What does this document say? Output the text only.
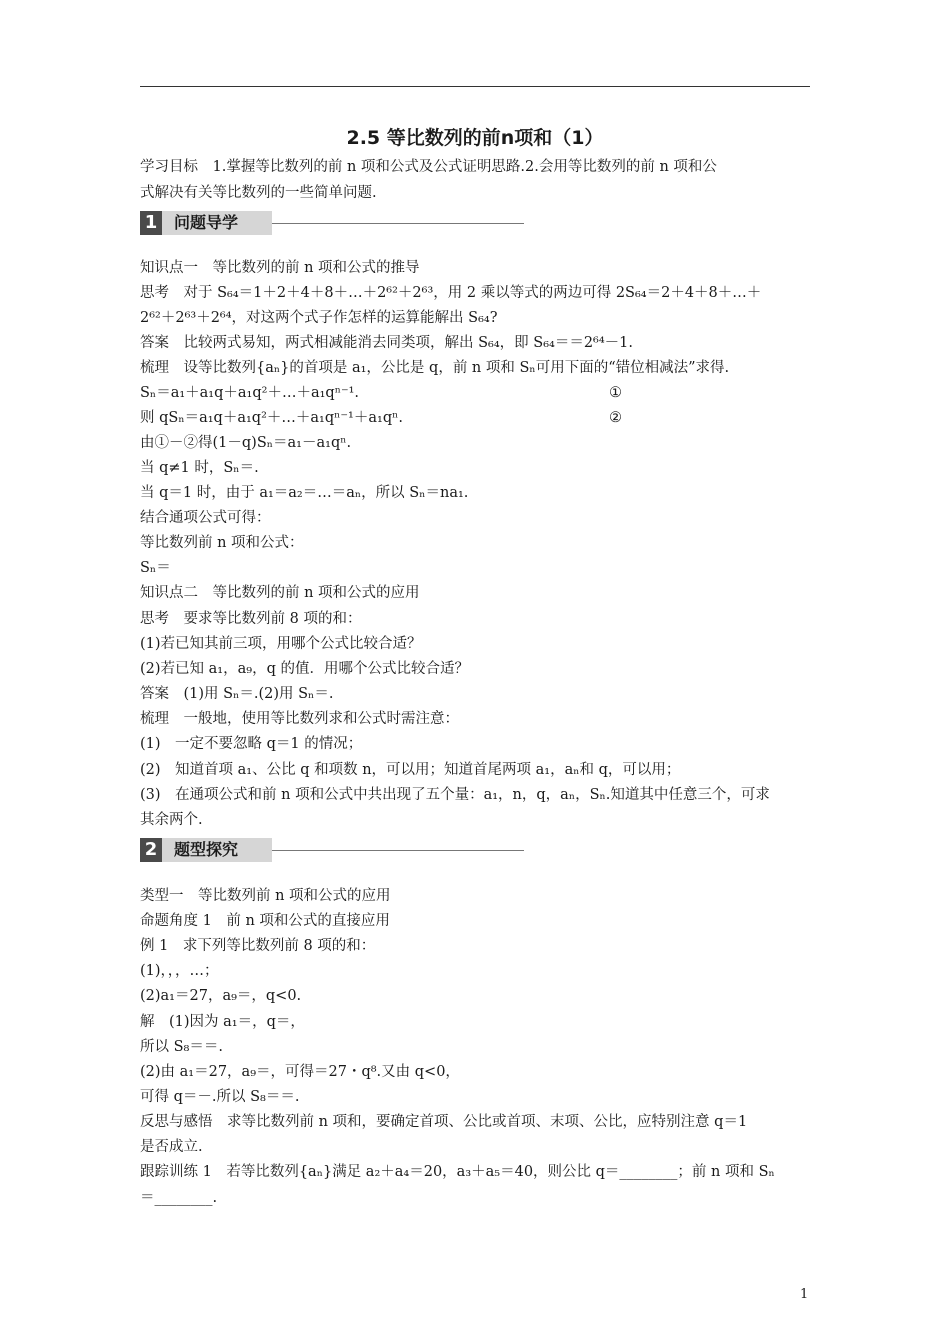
2.5 等比数列的前n项和（1）
学习目标　1.掌握等比数列的前 n 项和公式及公式证明思路.2.会用等比数列的前 n 项和公
式解决有关等比数列的一些简单问题.
1	问题导学
知识点一　等比数列的前 n 项和公式的推导
思考　对于 S₆₄＝1＋2＋4＋8＋…＋2⁶²＋2⁶³，用 2 乘以等式的两边可得 2S₆₄＝2＋4＋8＋…＋
2⁶²＋2⁶³＋2⁶⁴，对这两个式子作怎样的运算能解出 S₆₄?
答案　比较两式易知，两式相减能消去同类项，解出 S₆₄，即 S₆₄＝＝2⁶⁴－1.
梳理　设等比数列{aₙ}的首项是 a₁，公比是 q，前 n 项和 Sₙ可用下面的“错位相减法”求得.
Sₙ＝a₁＋a₁q＋a₁q²＋…＋a₁qⁿ⁻¹.	①
则 qSₙ＝a₁q＋a₁q²＋…＋a₁qⁿ⁻¹＋a₁qⁿ.	②
由①－②得(1－q)Sₙ＝a₁－a₁qⁿ.
当 q≠1 时，Sₙ＝.
当 q＝1 时，由于 a₁＝a₂＝…＝aₙ，所以 Sₙ＝na₁.
结合通项公式可得：
等比数列前 n 项和公式：
Sₙ＝
知识点二　等比数列的前 n 项和公式的应用
思考　要求等比数列前 8 项的和：
(1)若已知其前三项，用哪个公式比较合适？
(2)若已知 a₁，a₉，q 的值．用哪个公式比较合适？
答案　(1)用 Sₙ＝.(2)用 Sₙ＝.
梳理　一般地，使用等比数列求和公式时需注意：
(1)　一定不要忽略 q＝1 的情况；
(2)　知道首项 a₁、公比 q 和项数 n，可以用；知道首尾两项 a₁，aₙ和 q，可以用；
(3)　在通项公式和前 n 项和公式中共出现了五个量：a₁，n，q，aₙ，Sₙ.知道其中任意三个，可求
其余两个.
2	题型探究
类型一　等比数列前 n 项和公式的应用
命题角度 1　前 n 项和公式的直接应用
例 1　求下列等比数列前 8 项的和：
(1)，，，…；
(2)a₁＝27，a₉＝，q<0.
解　(1)因为 a₁＝，q＝，
所以 S₈＝＝.
(2)由 a₁＝27，a₉＝，可得＝27・q⁸.又由 q<0，
可得 q＝－.所以 S₈＝＝.
反思与感悟　求等比数列前 n 项和，要确定首项、公比或首项、末项、公比，应特别注意 q＝1
是否成立.
跟踪训练 1　若等比数列{aₙ}满足 a₂＋a₄＝20，a₃＋a₅＝40，则公比 q＝________；前 n 项和 Sₙ
＝________.
1
